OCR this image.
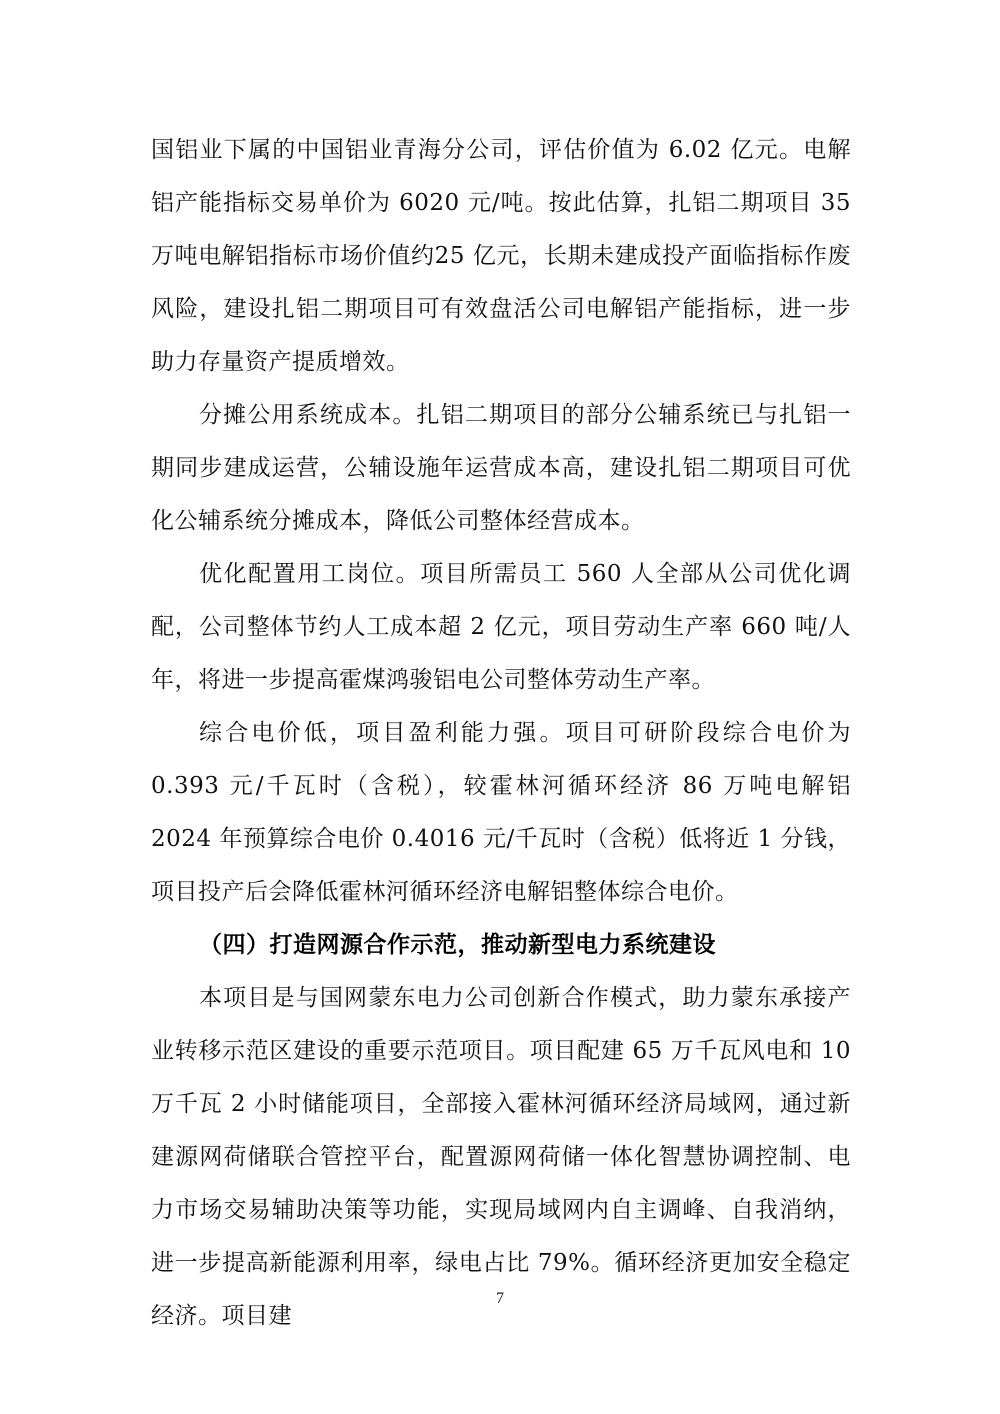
国铝业下属的中国铝业青海分公司，评估价值为 6.02 亿元。电解铝产能指标交易单价为 6020 元/吨。按此估算，扎铝二期项目 35 万吨电解铝指标市场价值约25 亿元，长期未建成投产面临指标作废风险，建设扎铝二期项目可有效盘活公司电解铝产能指标，进一步助力存量资产提质增效。

分摊公用系统成本。扎铝二期项目的部分公辅系统已与扎铝一期同步建成运营，公辅设施年运营成本高，建设扎铝二期项目可优化公辅系统分摊成本，降低公司整体经营成本。

优化配置用工岗位。项目所需员工 560 人全部从公司优化调配，公司整体节约人工成本超 2 亿元，项目劳动生产率 660 吨/人年，将进一步提高霍煤鸿骏铝电公司整体劳动生产率。

综合电价低，项目盈利能力强。项目可研阶段综合电价为 0.393 元/千瓦时（含税），较霍林河循环经济 86 万吨电解铝 2024 年预算综合电价 0.4016 元/千瓦时（含税）低将近 1 分钱，项目投产后会降低霍林河循环经济电解铝整体综合电价。

（四）打造网源合作示范，推动新型电力系统建设

本项目是与国网蒙东电力公司创新合作模式，助力蒙东承接产业转移示范区建设的重要示范项目。项目配建 65 万千瓦风电和 10 万千瓦 2 小时储能项目，全部接入霍林河循环经济局域网，通过新建源网荷储联合管控平台，配置源网荷储一体化智慧协调控制、电力市场交易辅助决策等功能，实现局域网内自主调峰、自我消纳，进一步提高新能源利用率，绿电占比 79%。循环经济更加安全稳定经济。项目建

7
